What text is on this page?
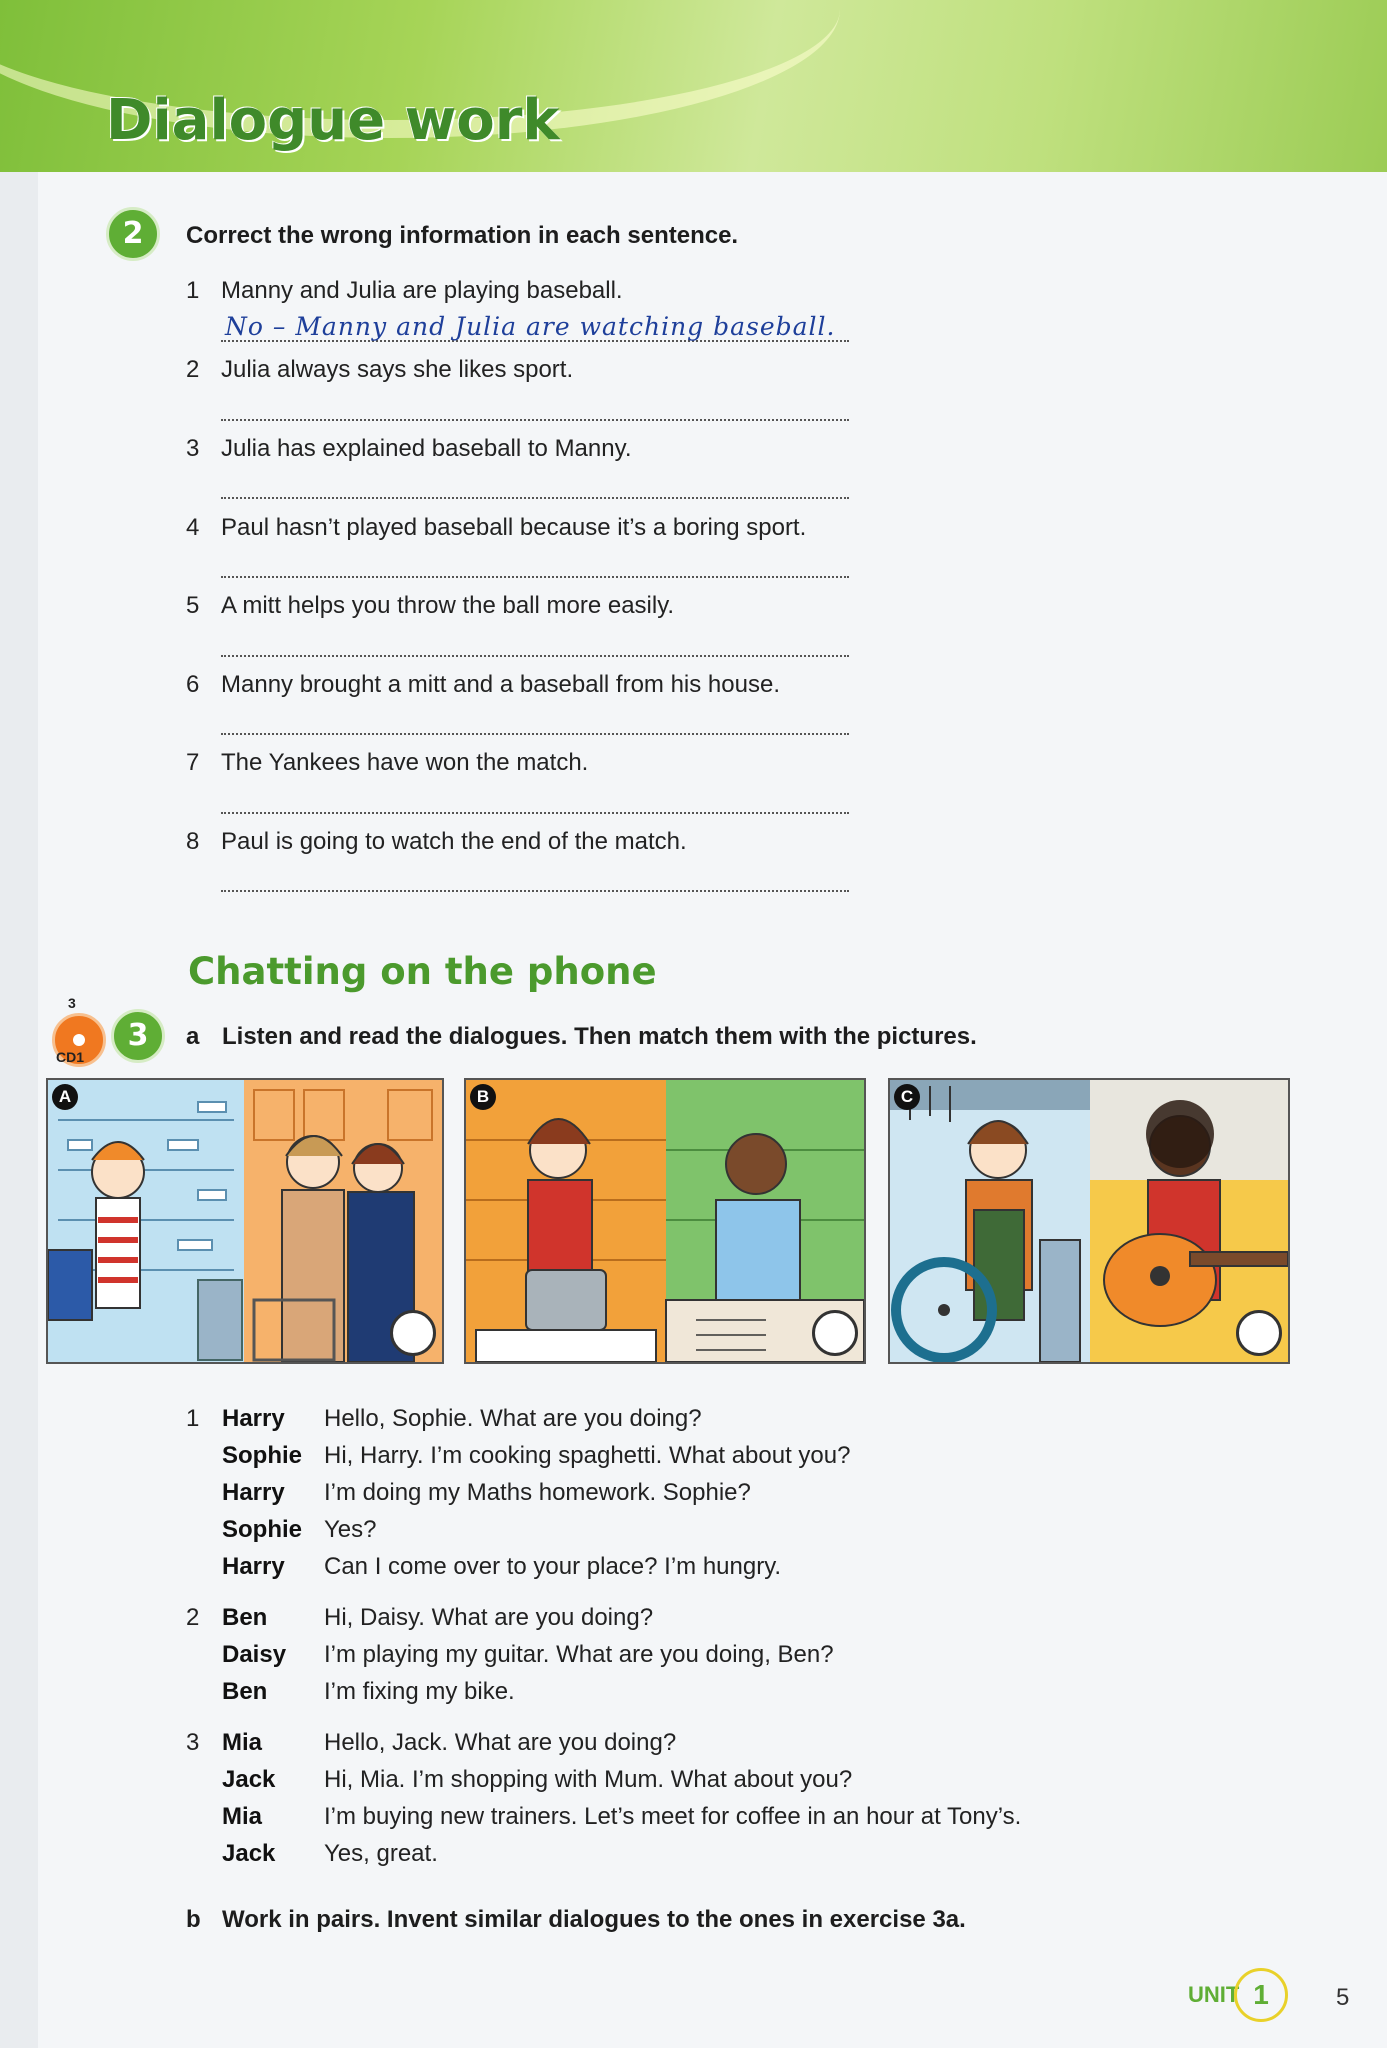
Dialogue work
2	Correct the wrong information in each sentence.
1 Manny and Julia are playing baseball.
No – Manny and Julia are watching baseball.
2 Julia always says she likes sport.
3 Julia has explained baseball to Manny.
4 Paul hasn’t played baseball because it’s a boring sport.
5 A mitt helps you throw the ball more easily.
6 Manny brought a mitt and a baseball from his house.
7 The Yankees have won the match.
8 Paul is going to watch the end of the match.
Chatting on the phone
3
CD1
3	a Listen and read the dialogues. Then match them with the pictures.
A	B	C
1 Harry Hello, Sophie. What are you doing?
Sophie Hi, Harry. I’m cooking spaghetti. What about you?
Harry I’m doing my Maths homework. Sophie?
Sophie Yes?
Harry Can I come over to your place? I’m hungry.
2 Ben Hi, Daisy. What are you doing?
Daisy I’m playing my guitar. What are you doing, Ben?
Ben I’m fixing my bike.
3 Mia	Hello, Jack. What are you doing?
Jack Hi, Mia. I’m shopping with Mum. What about you?
Mia	I’m buying new trainers. Let’s meet for coffee in an hour at Tony’s.
Jack Yes, great.
b Work in pairs. Invent similar dialogues to the ones in exercise 3a.
UNIT 1	5
